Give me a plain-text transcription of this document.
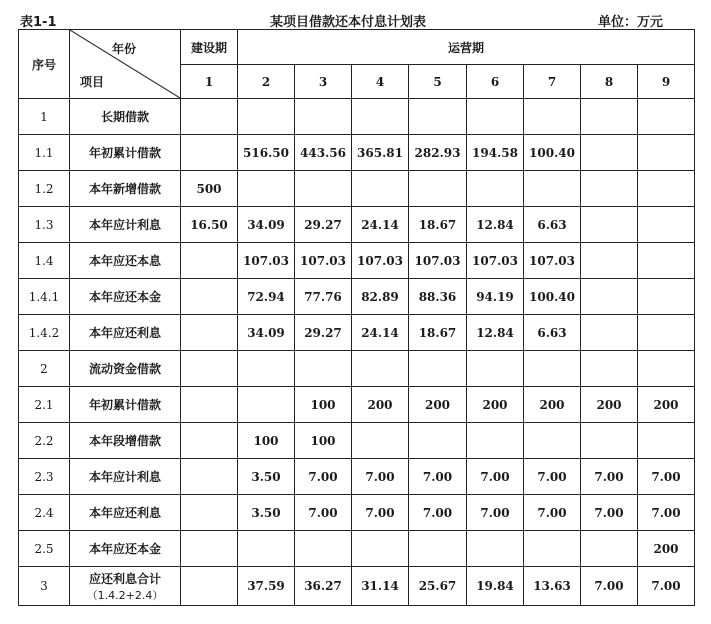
表1-1	某项目借款还本付息计划表	单位：万元
序号	年份
项目	建设期	运营期							
		1	2	3	4	5	6	7	8	9
1	长期借款									
1.1	年初累计借款		516.50	443.56	365.81	282.93	194.58	100.40		
1.2	本年新增借款	500								
1.3	本年应计利息	16.50	34.09	29.27	24.14	18.67	12.84	6.63		
1.4	本年应还本息		107.03	107.03	107.03	107.03	107.03	107.03		
1.4.1	本年应还本金		72.94	77.76	82.89	88.36	94.19	100.40		
1.4.2	本年应还利息		34.09	29.27	24.14	18.67	12.84	6.63		
2	流动资金借款									
2.1	年初累计借款			100	200	200	200	200	200	200
2.2	本年段增借款		100	100						
2.3	本年应计利息		3.50	7.00	7.00	7.00	7.00	7.00	7.00	7.00
2.4	本年应还利息		3.50	7.00	7.00	7.00	7.00	7.00	7.00	7.00
2.5	本年应还本金									200
3	应还利息合计
（1.4.2+2.4）		37.59	36.27	31.14	25.67	19.84	13.63	7.00	7.00
